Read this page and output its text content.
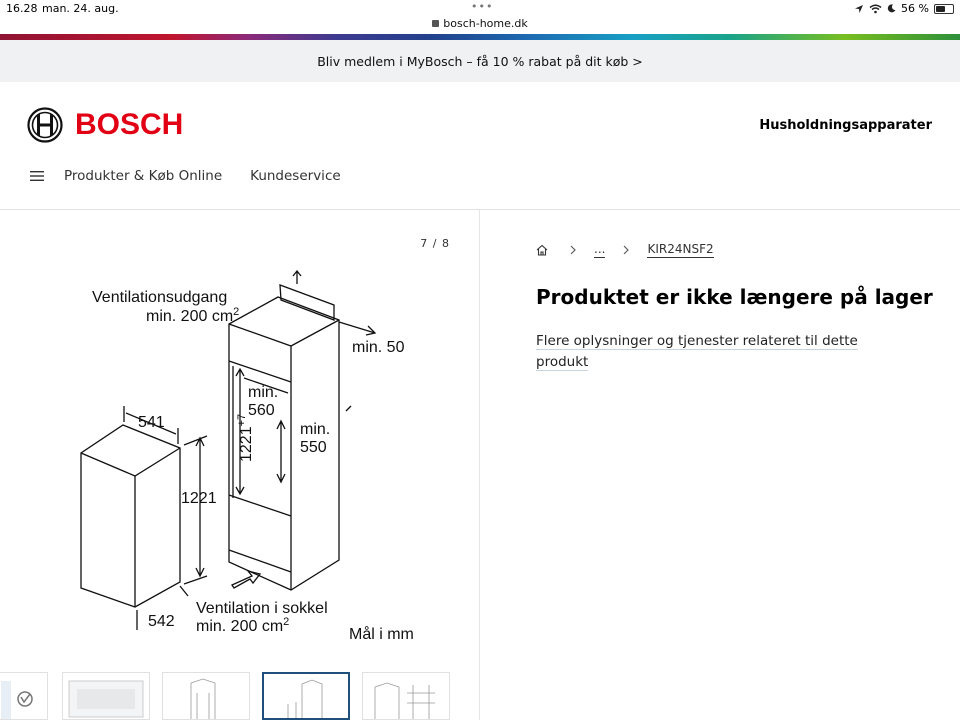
16.28 man. 24. aug.	•••
bosch-home.dk
56 %
Bliv medlem i MyBosch – få 10 % rabat på dit køb >
BOSCH	Husholdningsapparater
Produkter & Køb Online Kundeservice
7 / 8
Ventilationsudgang
min. 200 $cm^2$
min. 50
min.
560
$1221^{+7}$
min.
550
541
1221
542
Ventilation i sokkel
min. 200 $cm^2$
Mål i mm
...	KIR24NSF2
Produktet er ikke længere på lager
Flere oplysninger og tjenester relateret til dette produkt
